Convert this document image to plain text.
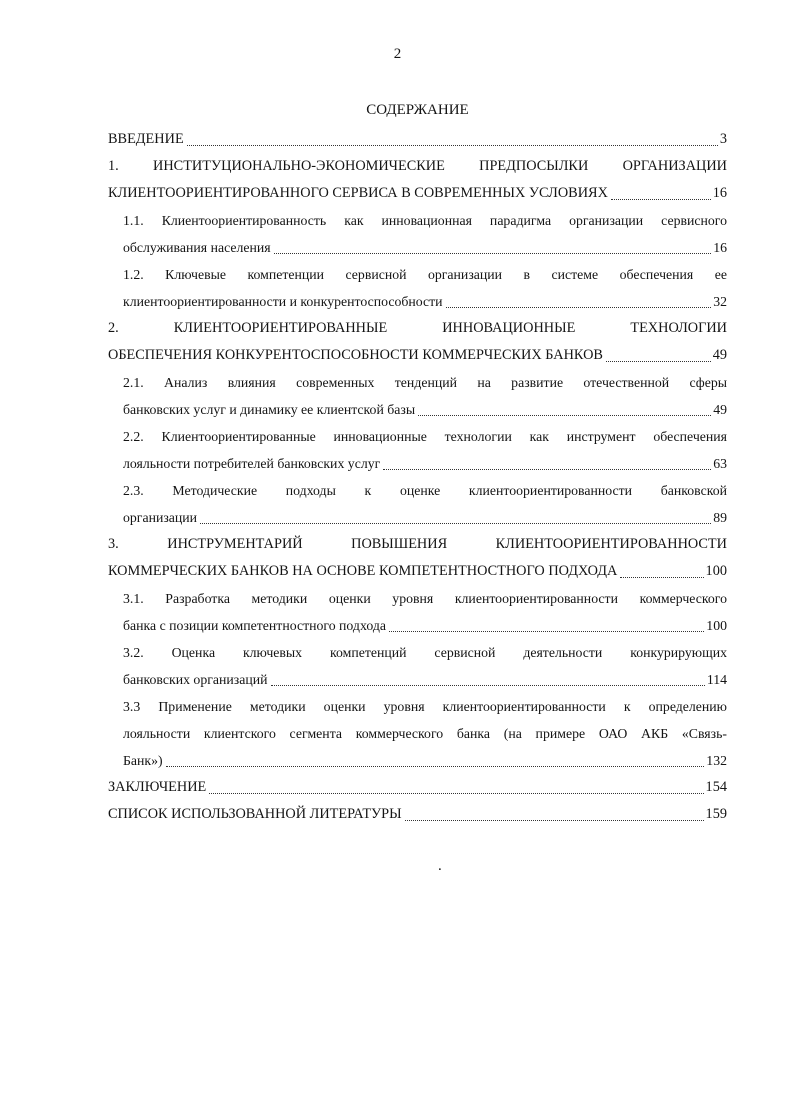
2
СОДЕРЖАНИЕ
ВВЕДЕНИЕ	3
1. ИНСТИТУЦИОНАЛЬНО-ЭКОНОМИЧЕСКИЕ ПРЕДПОСЫЛКИ ОРГАНИЗАЦИИ
КЛИЕНТООРИЕНТИРОВАННОГО СЕРВИСА В СОВРЕМЕННЫХ УСЛОВИЯХ	16
1.1. Клиентоориентированность как инновационная парадигма организации сервисного
обслуживания населения	16
1.2. Ключевые компетенции сервисной организации в системе обеспечения ее
клиентоориентированности и конкурентоспособности	32
2. КЛИЕНТООРИЕНТИРОВАННЫЕ ИННОВАЦИОННЫЕ ТЕХНОЛОГИИ
ОБЕСПЕЧЕНИЯ КОНКУРЕНТОСПОСОБНОСТИ КОММЕРЧЕСКИХ БАНКОВ	49
2.1. Анализ влияния современных тенденций на развитие отечественной сферы
банковских услуг и динамику ее клиентской базы	49
2.2. Клиентоориентированные инновационные технологии как инструмент обеспечения
лояльности потребителей банковских услуг	63
2.3. Методические подходы к оценке клиентоориентированности банковской
организации	89
3. ИНСТРУМЕНТАРИЙ ПОВЫШЕНИЯ КЛИЕНТООРИЕНТИРОВАННОСТИ
КОММЕРЧЕСКИХ БАНКОВ НА ОСНОВЕ КОМПЕТЕНТНОСТНОГО ПОДХОДА	100
3.1. Разработка методики оценки уровня клиентоориентированности коммерческого
банка с позиции компетентностного подхода	100
3.2. Оценка ключевых компетенций сервисной деятельности конкурирующих
банковских организаций	114
3.3 Применение методики оценки уровня клиентоориентированности к определению
лояльности клиентского сегмента коммерческого банка (на примере ОАО АКБ «Связь-
Банк»)	132
ЗАКЛЮЧЕНИЕ	154
СПИСОК ИСПОЛЬЗОВАННОЙ ЛИТЕРАТУРЫ	159
.
